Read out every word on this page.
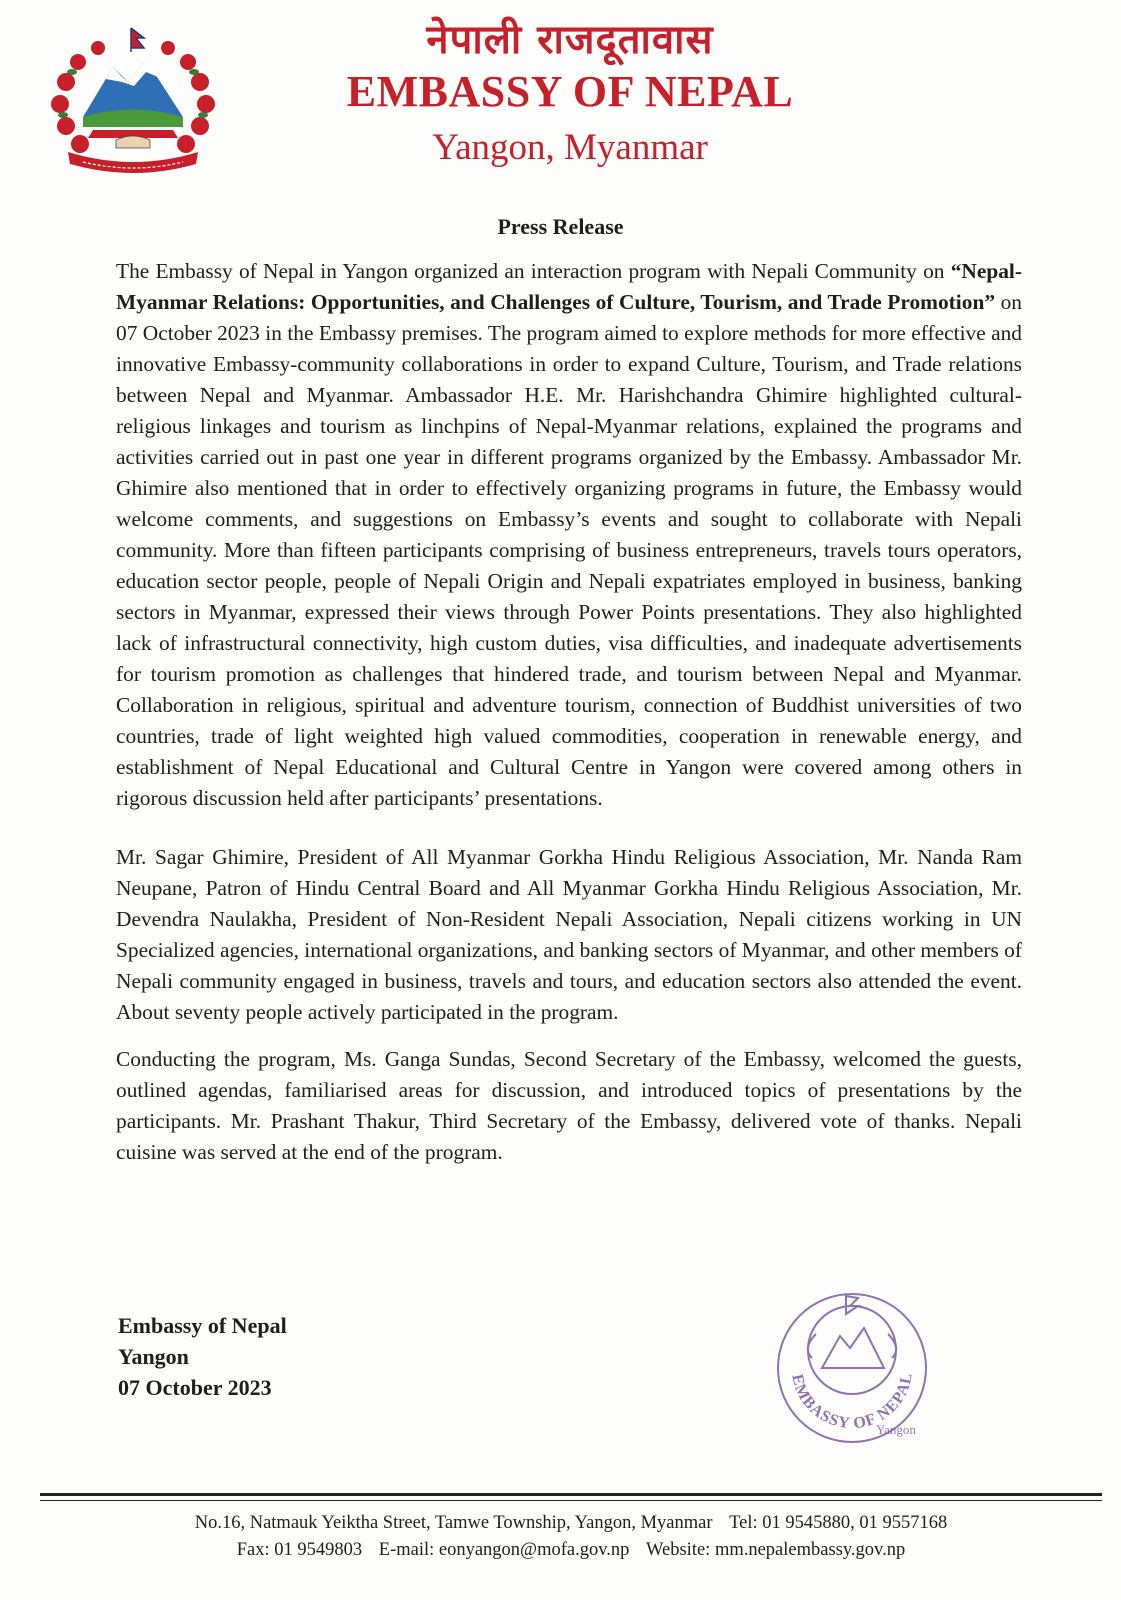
नेपाली राजदूतावास
EMBASSY OF NEPAL
Yangon, Myanmar
Press Release

The Embassy of Nepal in Yangon organized an interaction program with Nepali Community on “Nepal-Myanmar Relations: Opportunities, and Challenges of Culture, Tourism, and Trade Promotion” on 07 October 2023 in the Embassy premises. The program aimed to explore methods for more effective and innovative Embassy-community collaborations in order to expand Culture, Tourism, and Trade relations between Nepal and Myanmar. Ambassador H.E. Mr. Harishchandra Ghimire highlighted cultural-religious linkages and tourism as linchpins of Nepal-Myanmar relations, explained the programs and activities carried out in past one year in different programs organized by the Embassy. Ambassador Mr. Ghimire also mentioned that in order to effectively organizing programs in future, the Embassy would welcome comments, and suggestions on Embassy’s events and sought to collaborate with Nepali community. More than fifteen participants comprising of business entrepreneurs, travels tours operators, education sector people, people of Nepali Origin and Nepali expatriates employed in business, banking sectors in Myanmar, expressed their views through Power Points presentations. They also highlighted lack of infrastructural connectivity, high custom duties, visa difficulties, and inadequate advertisements for tourism promotion as challenges that hindered trade, and tourism between Nepal and Myanmar. Collaboration in religious, spiritual and adventure tourism, connection of Buddhist universities of two countries, trade of light weighted high valued commodities, cooperation in renewable energy, and establishment of Nepal Educational and Cultural Centre in Yangon were covered among others in rigorous discussion held after participants’ presentations.

Mr. Sagar Ghimire, President of All Myanmar Gorkha Hindu Religious Association, Mr. Nanda Ram Neupane, Patron of Hindu Central Board and All Myanmar Gorkha Hindu Religious Association, Mr. Devendra Naulakha, President of Non-Resident Nepali Association, Nepali citizens working in UN Specialized agencies, international organizations, and banking sectors of Myanmar, and other members of Nepali community engaged in business, travels and tours, and education sectors also attended the event. About seventy people actively participated in the program.

Conducting the program, Ms. Ganga Sundas, Second Secretary of the Embassy, welcomed the guests, outlined agendas, familiarised areas for discussion, and introduced topics of presentations by the participants. Mr. Prashant Thakur, Third Secretary of the Embassy, delivered vote of thanks. Nepali cuisine was served at the end of the program.

Embassy of Nepal
Yangon
07 October 2023	EMBASSY OF NEPAL
Yangon
No.16, Natmauk Yeiktha Street, Tamwe Township, Yangon, Myanmar Tel: 01 9545880, 01 9557168
Fax: 01 9549803 E-mail: eonyangon@mofa.gov.np Website: mm.nepalembassy.gov.np
